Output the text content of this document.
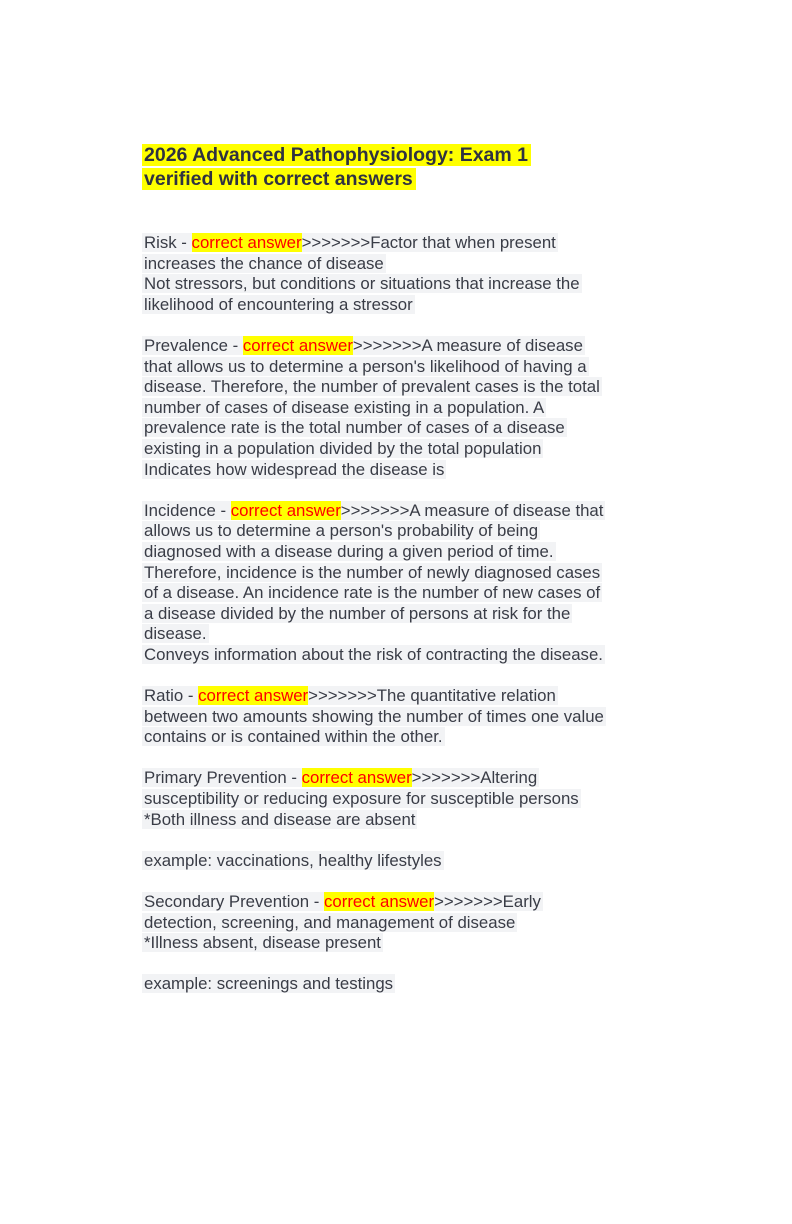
2026 Advanced Pathophysiology: Exam 1
verified with correct answers
Risk - correct answer>>>>>>>Factor that when present
increases the chance of disease
Not stressors, but conditions or situations that increase the
likelihood of encountering a stressor
Prevalence - correct answer>>>>>>>A measure of disease
that allows us to determine a person's likelihood of having a
disease. Therefore, the number of prevalent cases is the total
number of cases of disease existing in a population. A
prevalence rate is the total number of cases of a disease
existing in a population divided by the total population
Indicates how widespread the disease is
Incidence - correct answer>>>>>>>A measure of disease that
allows us to determine a person's probability of being
diagnosed with a disease during a given period of time.
Therefore, incidence is the number of newly diagnosed cases
of a disease. An incidence rate is the number of new cases of
a disease divided by the number of persons at risk for the
disease.
Conveys information about the risk of contracting the disease.
Ratio - correct answer>>>>>>>The quantitative relation
between two amounts showing the number of times one value
contains or is contained within the other.
Primary Prevention - correct answer>>>>>>>Altering
susceptibility or reducing exposure for susceptible persons
*Both illness and disease are absent
example: vaccinations, healthy lifestyles
Secondary Prevention - correct answer>>>>>>>Early
detection, screening, and management of disease
*Illness absent, disease present
example: screenings and testings
